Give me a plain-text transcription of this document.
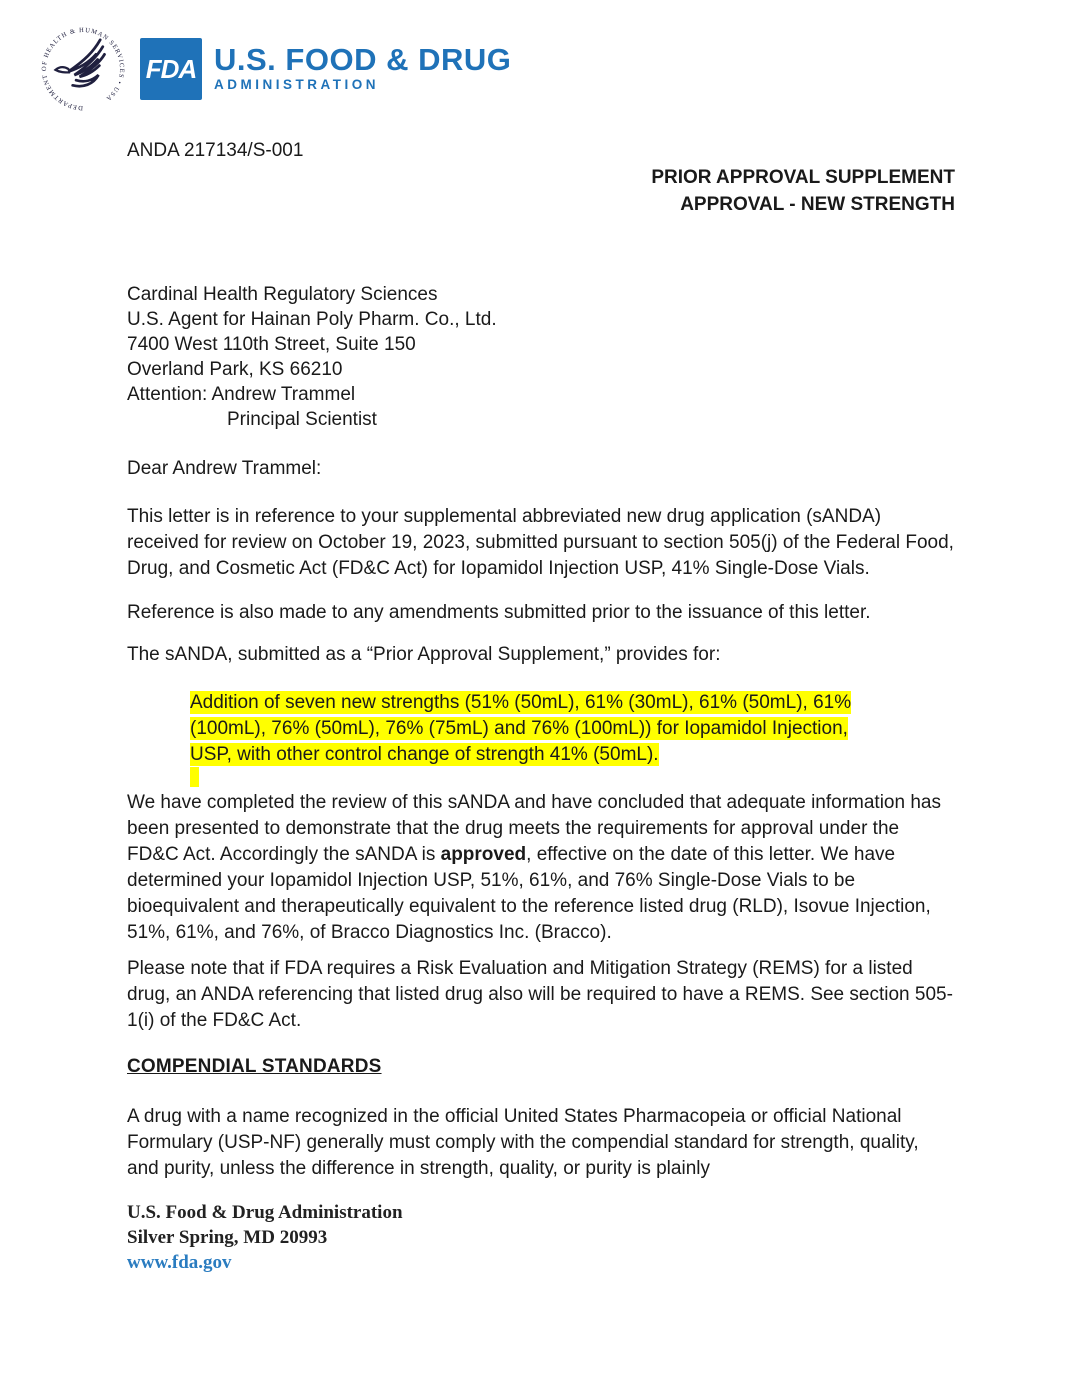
DEPARTMENT OF HEALTH & HUMAN SERVICES • USA
FDA U.S. FOOD & DRUG
ADMINISTRATION
ANDA 217134/S-001
PRIOR APPROVAL SUPPLEMENT
APPROVAL - NEW STRENGTH
Cardinal Health Regulatory Sciences
U.S. Agent for Hainan Poly Pharm. Co., Ltd.
7400 West 110th Street, Suite 150
Overland Park, KS 66210
Attention: Andrew Trammel
Principal Scientist
Dear Andrew Trammel:

This letter is in reference to your supplemental abbreviated new drug application (sANDA) received for review on October 19, 2023, submitted pursuant to section 505(j) of the Federal Food, Drug, and Cosmetic Act (FD&C Act) for Iopamidol Injection USP, 41% Single-Dose Vials.

Reference is also made to any amendments submitted prior to the issuance of this letter.

The sANDA, submitted as a “Prior Approval Supplement,” provides for:

Addition of seven new strengths (51% (50mL), 61% (30mL), 61% (50mL), 61% (100mL), 76% (50mL), 76% (75mL) and 76% (100mL)) for Iopamidol Injection, USP, with other control change of strength 41% (50mL).

We have completed the review of this sANDA and have concluded that adequate information has been presented to demonstrate that the drug meets the requirements for approval under the FD&C Act. Accordingly the sANDA is approved, effective on the date of this letter. We have determined your Iopamidol Injection USP, 51%, 61%, and 76% Single-Dose Vials to be bioequivalent and therapeutically equivalent to the reference listed drug (RLD), Isovue Injection, 51%, 61%, and 76%, of Bracco Diagnostics Inc. (Bracco).

Please note that if FDA requires a Risk Evaluation and Mitigation Strategy (REMS) for a listed drug, an ANDA referencing that listed drug also will be required to have a REMS. See section 505-1(i) of the FD&C Act.

COMPENDIAL STANDARDS

A drug with a name recognized in the official United States Pharmacopeia or official National Formulary (USP-NF) generally must comply with the compendial standard for strength, quality, and purity, unless the difference in strength, quality, or purity is plainly

U.S. Food & Drug Administration
Silver Spring, MD 20993
www.fda.gov
